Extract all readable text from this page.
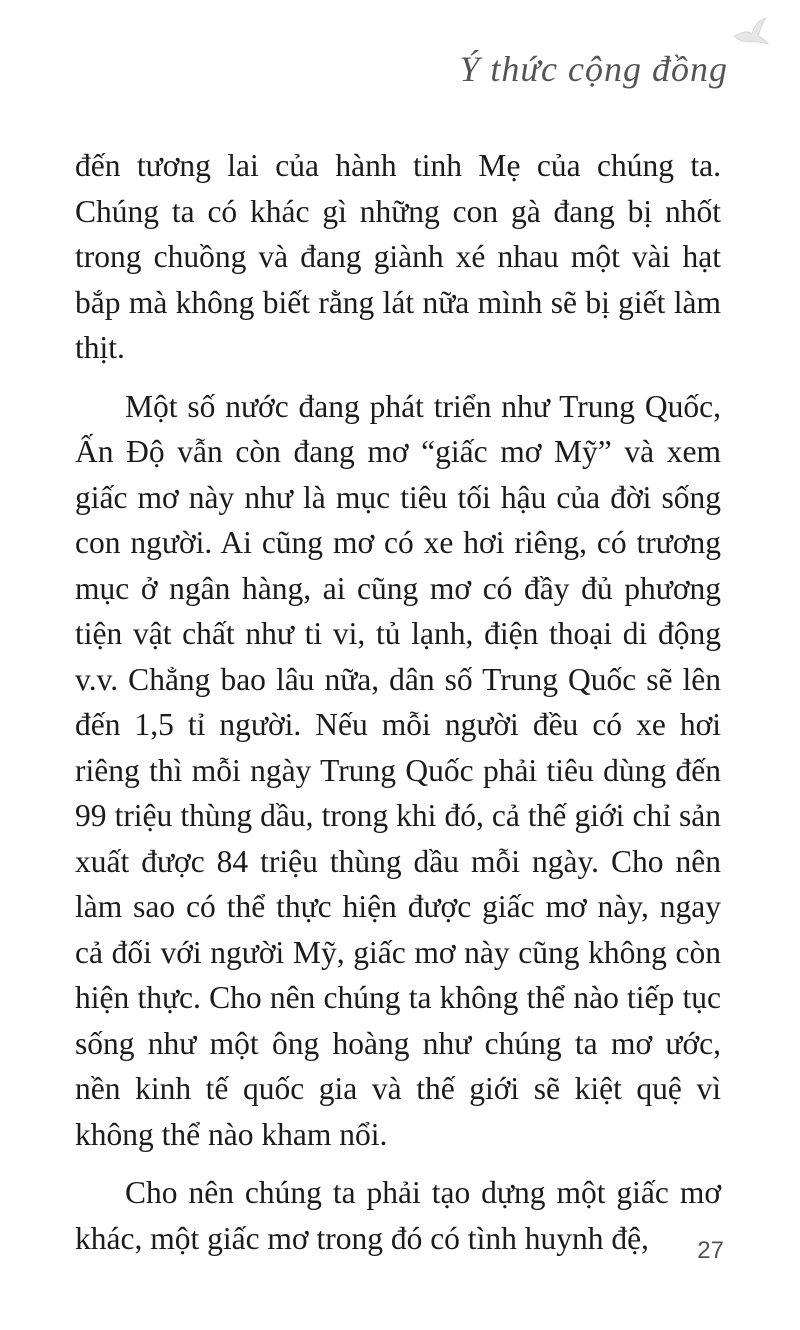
Ý thức cộng đồng

đến tương lai của hành tinh Mẹ của chúng ta. Chúng ta có khác gì những con gà đang bị nhốt trong chuồng và đang giành xé nhau một vài hạt bắp mà không biết rằng lát nữa mình sẽ bị giết làm thịt.

Một số nước đang phát triển như Trung Quốc, Ấn Độ vẫn còn đang mơ “giấc mơ Mỹ” và xem giấc mơ này như là mục tiêu tối hậu của đời sống con người. Ai cũng mơ có xe hơi riêng, có trương mục ở ngân hàng, ai cũng mơ có đầy đủ phương tiện vật chất như ti vi, tủ lạnh, điện thoại di động v.v. Chẳng bao lâu nữa, dân số Trung Quốc sẽ lên đến 1,5 tỉ người. Nếu mỗi người đều có xe hơi riêng thì mỗi ngày Trung Quốc phải tiêu dùng đến 99 triệu thùng dầu, trong khi đó, cả thế giới chỉ sản xuất được 84 triệu thùng dầu mỗi ngày. Cho nên làm sao có thể thực hiện được giấc mơ này, ngay cả đối với người Mỹ, giấc mơ này cũng không còn hiện thực. Cho nên chúng ta không thể nào tiếp tục sống như một ông hoàng như chúng ta mơ ước, nền kinh tế quốc gia và thế giới sẽ kiệt quệ vì không thể nào kham nổi.

Cho nên chúng ta phải tạo dựng một giấc mơ khác, một giấc mơ trong đó có tình huynh đệ,	27
